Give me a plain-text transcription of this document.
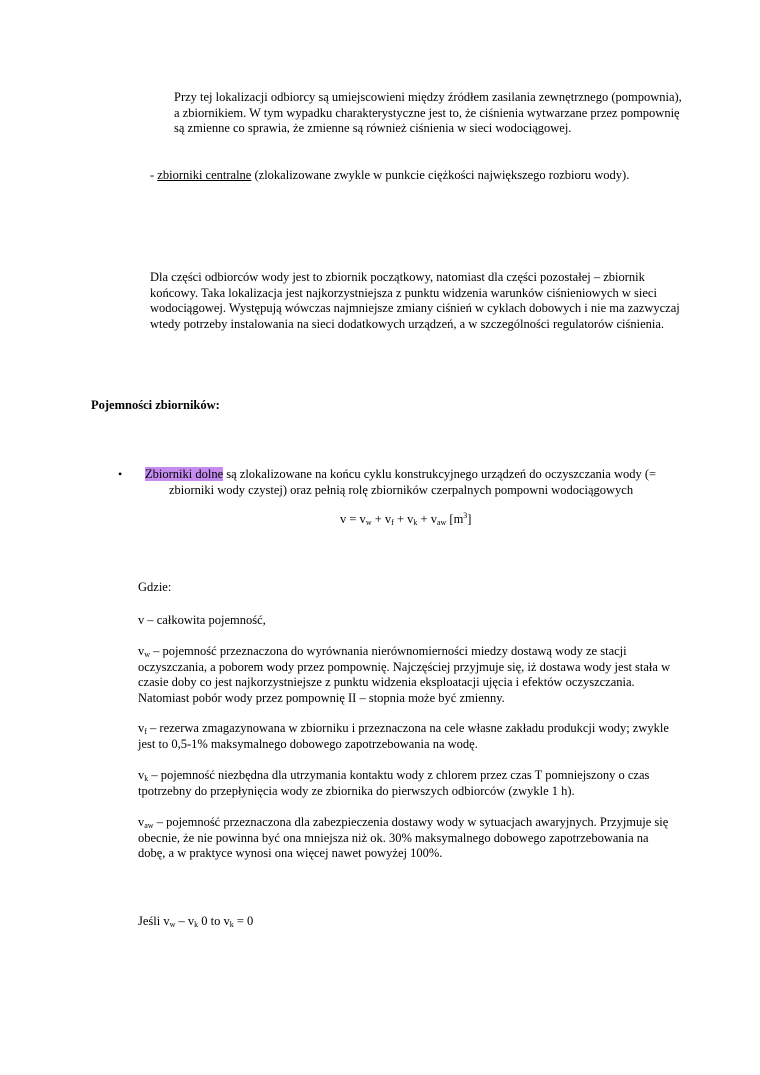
Przy tej lokalizacji odbiorcy są umiejscowieni między źródłem zasilania zewnętrznego (pompownia), a zbiornikiem. W tym wypadku charakterystyczne jest to, że ciśnienia wytwarzane przez pompownię są zmienne co sprawia, że zmienne są również ciśnienia w sieci wodociągowej.

- zbiorniki centralne (zlokalizowane zwykle w punkcie ciężkości największego rozbioru wody).

Dla części odbiorców wody jest to zbiornik początkowy, natomiast dla części pozostałej – zbiornik końcowy. Taka lokalizacja jest najkorzystniejsza z punktu widzenia warunków ciśnieniowych w sieci wodociągowej. Występują wówczas najmniejsze zmiany ciśnień w cyklach dobowych i nie ma zazwyczaj wtedy potrzeby instalowania na sieci dodatkowych urządzeń, a w szczególności regulatorów ciśnienia.

Pojemności zbiorników:

• Zbiorniki dolne są zlokalizowane na końcu cyklu konstrukcyjnego urządzeń do oczyszczania wody (= zbiorniki wody czystej) oraz pełnią rolę zbiorników czerpalnych pompowni wodociągowych

$v = v_w + v_f + v_k + v_{aw}$ $[m^3]$

Gdzie:

v – całkowita pojemność,

$v_w$ – pojemność przeznaczona do wyrównania nierównomierności miedzy dostawą wody ze stacji oczyszczania, a poborem wody przez pompownię. Najczęściej przyjmuje się, iż dostawa wody jest stała w czasie doby co jest najkorzystniejsze z punktu widzenia eksploatacji ujęcia i efektów oczyszczania. Natomiast pobór wody przez pompownię II – stopnia może być zmienny.

$v_f$ – rezerwa zmagazynowana w zbiorniku i przeznaczona na cele własne zakładu produkcji wody; zwykle jest to 0,5-1% maksymalnego dobowego zapotrzebowania na wodę.

$v_k$ – pojemność niezbędna dla utrzymania kontaktu wody z chlorem przez czas T pomniejszony o czas tpotrzebny do przepłynięcia wody ze zbiornika do pierwszych odbiorców (zwykle 1 h).

$v_{aw}$ – pojemność przeznaczona dla zabezpieczenia dostawy wody w sytuacjach awaryjnych. Przyjmuje się obecnie, że nie powinna być ona mniejsza niż ok. 30% maksymalnego dobowego zapotrzebowania na dobę, a w praktyce wynosi ona więcej nawet powyżej 100%.

Jeśli $v_w - v_k$ 0 to $v_k = 0$
